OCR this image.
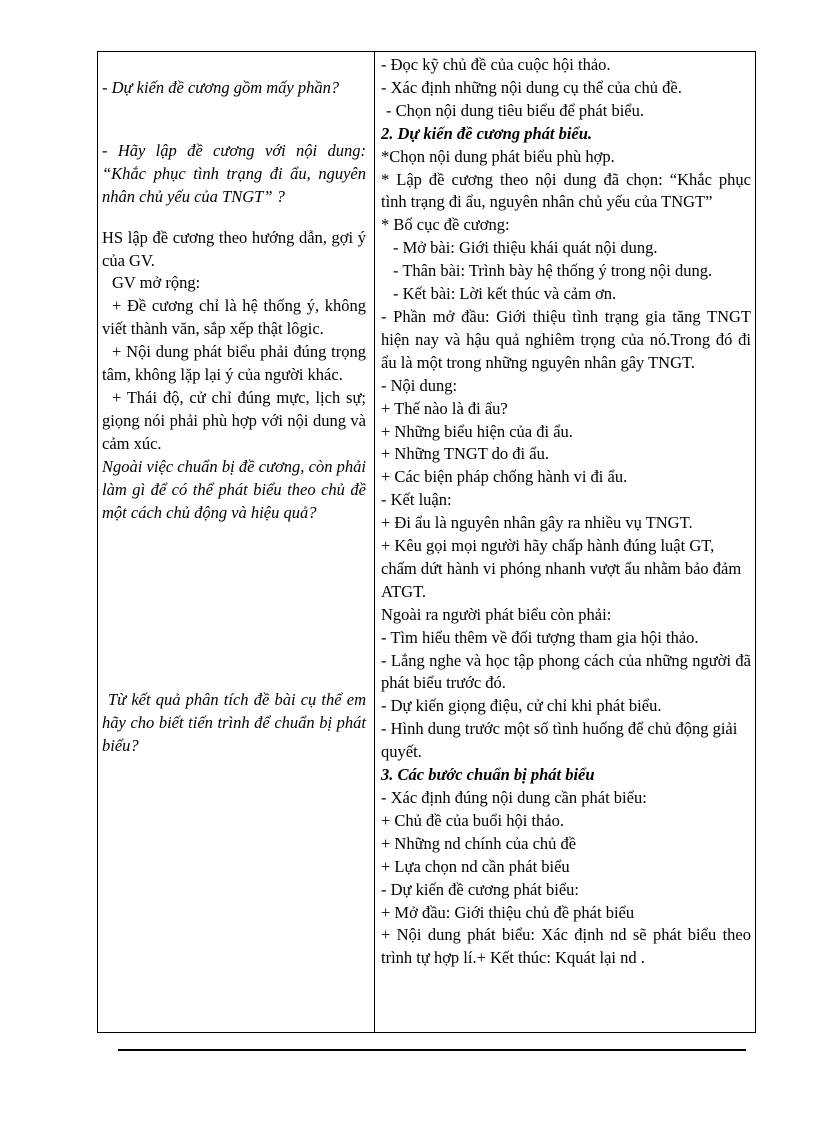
- Dự kiến đề cương gồm mấy phần?

- Hãy lập đề cương với nội dung: “Khắc phục tình trạng đi ẩu, nguyên nhân chủ yếu của TNGT” ?

HS lập đề cương theo hướng dẫn, gợi ý của GV.

GV mở rộng:

+ Đề cương chỉ là hệ thống ý, không viết thành văn, sắp xếp thật lôgic.

+ Nội dung phát biểu phải đúng trọng tâm, không lặp lại ý của người khác.

+ Thái độ, cử chỉ đúng mực, lịch sự; giọng nói phải phù hợp với nội dung và cảm xúc.

Ngoài việc chuẩn bị đề cương, còn phải làm gì để có thể phát biểu theo chủ đề một cách chủ động và hiệu quả?

Từ kết quả phân tích đề bài cụ thể em hãy cho biết tiến trình để chuẩn bị phát biểu?

- Đọc kỹ chủ đề của cuộc hội thảo.

- Xác định những nội dung cụ thể của chủ đề.

- Chọn nội dung tiêu biểu để phát biểu.

2. Dự kiến đề cương phát biểu.

*Chọn nội dung phát biểu phù hợp.

* Lập đề cương theo nội dung đã chọn: “Khắc phục tình trạng đi ẩu, nguyên nhân chủ yếu của TNGT”

* Bố cục đề cương:

- Mở bài: Giới thiệu khái quát nội dung.

- Thân bài: Trình bày hệ thống ý trong nội dung.

- Kết bài: Lời kết thúc và cảm ơn.

- Phần mở đầu: Giới thiệu tình trạng gia tăng TNGT hiện nay và hậu quả nghiêm trọng của nó.Trong đó đi ẩu là một trong những nguyên nhân gây TNGT.

- Nội dung:

+ Thế nào là đi ẩu?

+ Những biểu hiện của đi ẩu.

+ Những TNGT do đi ẩu.

+ Các biện pháp chống hành vi đi ẩu.

- Kết luận:

+ Đi ẩu là nguyên nhân gây ra nhiều vụ TNGT.

+ Kêu gọi mọi người hãy chấp hành đúng luật GT, chấm dứt hành vi phóng nhanh vượt ẩu nhằm bảo đảm ATGT.

Ngoài ra người phát biểu còn phải:

- Tìm hiểu thêm về đối tượng tham gia hội thảo.

- Lắng nghe và học tập phong cách của những người đã phát biểu trước đó.

- Dự kiến giọng điệu, cử chỉ khi phát biểu.

- Hình dung trước một số tình huống để chủ động giải quyết.

3. Các bước chuẩn bị phát biểu

- Xác định đúng nội dung cần phát biểu:

+ Chủ đề của buổi hội thảo.

+ Những nd chính của chủ đề

+ Lựa chọn nd cần phát biểu

- Dự kiến đề cương phát biểu:

+ Mở đầu: Giới thiệu chủ đề phát biểu

+ Nội dung phát biểu: Xác định nd sẽ phát biểu theo trình tự hợp lí.+ Kết thúc: Kquát lại nd .
